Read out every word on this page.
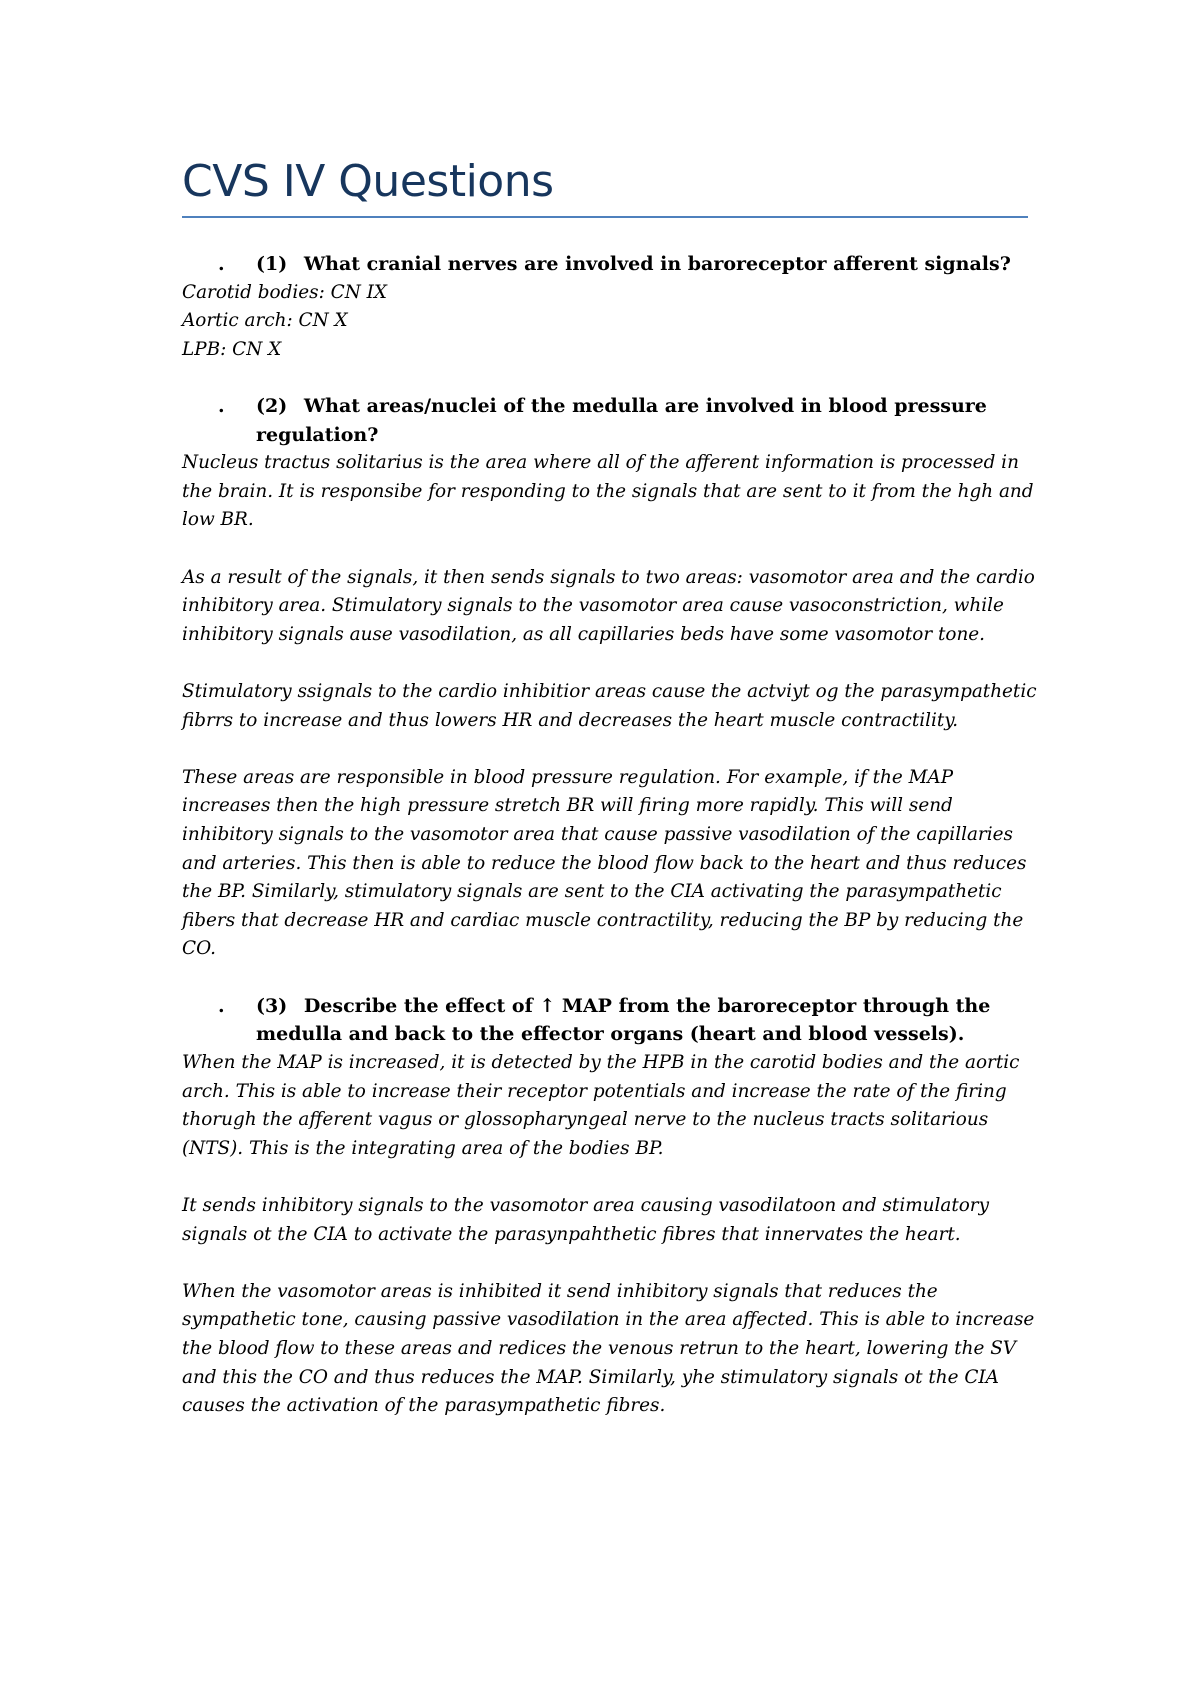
CVS IV Questions

. (1) What cranial nerves are involved in baroreceptor afferent signals?

Carotid bodies: CN IX

Aortic arch: CN X

LPB: CN X

. (2) What areas/nuclei of the medulla are involved in blood pressure regulation?

Nucleus tractus solitarius is the area where all of the afferent information is processed in the brain. It is responsibe for responding to the signals that are sent to it from the hgh and low BR.

As a result of the signals, it then sends signals to two areas: vasomotor area and the cardio inhibitory area. Stimulatory signals to the vasomotor area cause vasoconstriction, while inhibitory signals ause vasodilation, as all capillaries beds have some vasomotor tone.

Stimulatory ssignals to the cardio inhibitior areas cause the actviyt og the parasympathetic fibrrs to increase and thus lowers HR and decreases the heart muscle contractility.

These areas are responsible in blood pressure regulation. For example, if the MAP increases then the high pressure stretch BR will firing more rapidly. This will send inhibitory signals to the vasomotor area that cause passive vasodilation of the capillaries and arteries. This then is able to reduce the blood flow back to the heart and thus reduces the BP. Similarly, stimulatory signals are sent to the CIA activating the parasympathetic fibers that decrease HR and cardiac muscle contractility, reducing the BP by reducing the CO.

. (3) Describe the effect of ↑ MAP from the baroreceptor through the medulla and back to the effector organs (heart and blood vessels).

When the MAP is increased, it is detected by the HPB in the carotid bodies and the aortic arch. This is able to increase their receptor potentials and increase the rate of the firing thorugh the afferent vagus or glossopharyngeal nerve to the nucleus tracts solitarious (NTS). This is the integrating area of the bodies BP.

It sends inhibitory signals to the vasomotor area causing vasodilatoon and stimulatory signals ot the CIA to activate the parasynpahthetic fibres that innervates the heart.

When the vasomotor areas is inhibited it send inhibitory signals that reduces the sympathetic tone, causing passive vasodilation in the area affected. This is able to increase the blood flow to these areas and redices the venous retrun to the heart, lowering the SV and this the CO and thus reduces the MAP. Similarly, yhe stimulatory signals ot the CIA causes the activation of the parasympathetic fibres.
